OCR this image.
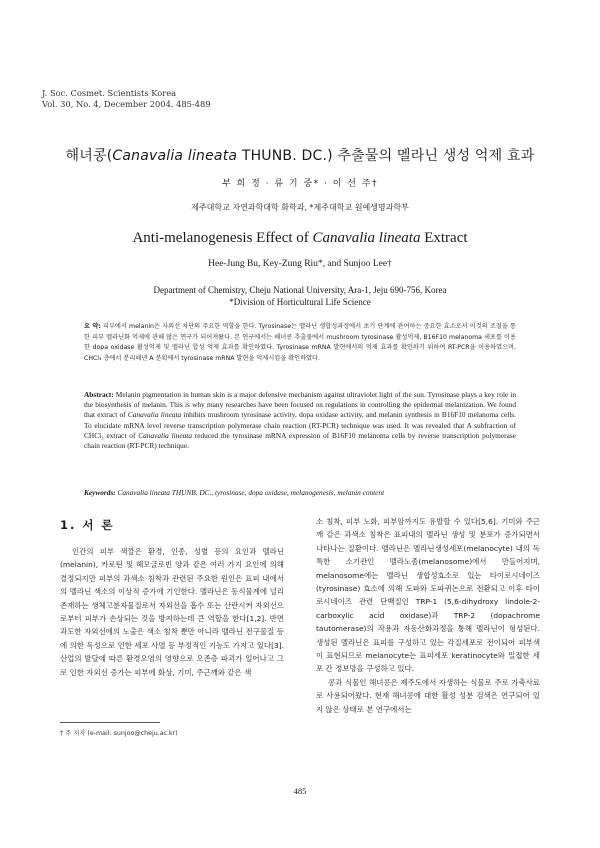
J. Soc. Cosmet. Scientists Korea
Vol. 30, No. 4, December 2004. 485-489
해녀콩(Canavalia lineata THUNB. DC.) 추출물의 멜라닌 생성 억제 효과
부 희 정 · 류 기 중* · 이 선 주†
제주대학교 자연과학대학 화학과, *제주대학교 원예생명과학부
Anti-melanogenesis Effect of Canavalia lineata Extract
Hee-Jung Bu, Key-Zung Riu*, and Sunjoo Lee†
Department of Chemistry, Cheju National University, Ara-1, Jeju 690-756, Korea
*Division of Horticultural Life Science
요 약: 피부에서 melanin은 자외선 차단의 주요한 역할을 한다. Tyrosinase는 멜라닌 생합성과정에서 초기 단계에 관여하는 중요한 효소로서 이것의 조절을 통한 피부 멜라닌화 억제에 관해 많은 연구가 되어져왔다. 본 연구에서는 해녀콩 추출물에서 mushroom tyrosinase 활성억제, B16F10 melanoma 세포를 이용한 dopa oxidase 활성억제 및 멜라닌 합성 억제 효과를 확인하였다. Tyrosinase mRNA 발현에서의 억제 효과를 확인하기 위하여 RT-PCR을 이용하였으며, CHCl₃ 층에서 분리해낸 A 분획에서 tyrosinase mRNA 발현을 억제시킴을 확인하였다.
Abstract: Melanin pigmentation in human skin is a major defensive mechanism against ultraviolet light of the sun. Tyrosinase plays a key role in the biosynthesis of melanin. This is why many researches have been focused on regulations in controlling the epidermal melanization. We found that extract of Canavalia lineata inhibits mushroom tyrosinase activity, dopa oxidase activity, and melanin synthesis in B16F10 melanoma cells. To elucidate mRNA level reverse transcription polymerase chain reaction (RT-PCR) technique was used. It was revealed that A subfraction of CHCl₃ extract of Canavalia lineata reduced the tyrosinase mRNA expression of B16F10 melanoma cells by reverse transcription polymerase chain reaction (RT-PCR) technique.
Keywords: Canavalia lineata THUNB. DC., tyrosinase, dopa oxidase, melanogenesis, melanin content
1. 서 론

인간의 피부 색깔은 환경, 인종, 성별 등의 요인과 멜라닌(melanin), 카로틴 및 헤모글로빈 양과 같은 여러 가지 요인에 의해 결정되지만 피부의 과색소 침착과 관련된 주요한 원인은 표피 내에서의 멜라닌 색소의 이상적 증가에 기인한다. 멜라닌은 동식물계에 널리 존재하는 생체고분자물질로서 자외선을 흡수 또는 산란시켜 자외선으로부터 피부가 손상되는 것을 방지하는데 큰 역할을 한다[1,2]. 반면 과도한 자외선에의 노출은 색소 침착 뿐만 아니라 멜라닌 전구물질 등에 의한 독성으로 인한 세포 사멸 등 부정적인 기능도 가지고 있다[3]. 산업의 발달에 따른 환경오염의 영향으로 오존층 파괴가 일어나고 그로 인한 자외선 증가는 피부에 화상, 기미, 주근깨와 같은 색

소 침착, 피부 노화, 피부암까지도 유발할 수 있다[5,6]. 기미와 주근깨 같은 과색소 침착은 표피내의 멜라닌 생성 및 분포가 증가되면서 나타나는 질환이다. 멜라닌은 멜라닌생성세포(melanocyte) 내의 독특한 소기관인 멜라노좀(melanosome)에서 만들어지며, melanosome에는 멜라닌 생합성효소로 있는 타이로시네이즈(tyrosinase) 효소에 의해 도파와 도파퀴논으로 전환되고 이후 타이로시네이즈 관련 단백질인 TRP-1 (5,6-dihydroxy lindole-2-carboxylic acid oxidase)과 TRP-2 (dopachrome tautomerase)의 작용과 자동산화과정을 통해 멜라닌이 형성된다. 생성된 멜라닌은 표피를 구성하고 있는 각질세포로 전이되어 피부색이 표현되므로 melanocyte는 표피세포 keratinocyte와 밀접한 세포 간 정보망을 구성하고 있다.

콩과 식물인 해녀콩은 제주도에서 자생하는 식물로 주로 가축사료로 사용되어왔다. 현재 해녀콩에 대한 활성 성분 검색은 연구되어 있지 않은 상태로 본 연구에서는

† 주 저자 (e-mail: sunjoo@cheju.ac.kr)
485
